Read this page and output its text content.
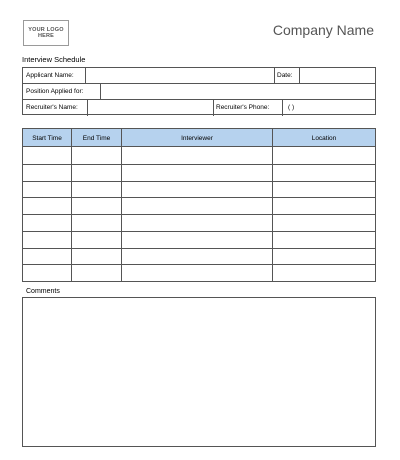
YOUR LOGO
HERE	Company Name
Interview Schedule
Applicant Name:	Date:
Position Applied for:
Recruiter's Name:	Recruiter's Phone:	( )
Start Time	End Time	Interviewer	Location
Comments
